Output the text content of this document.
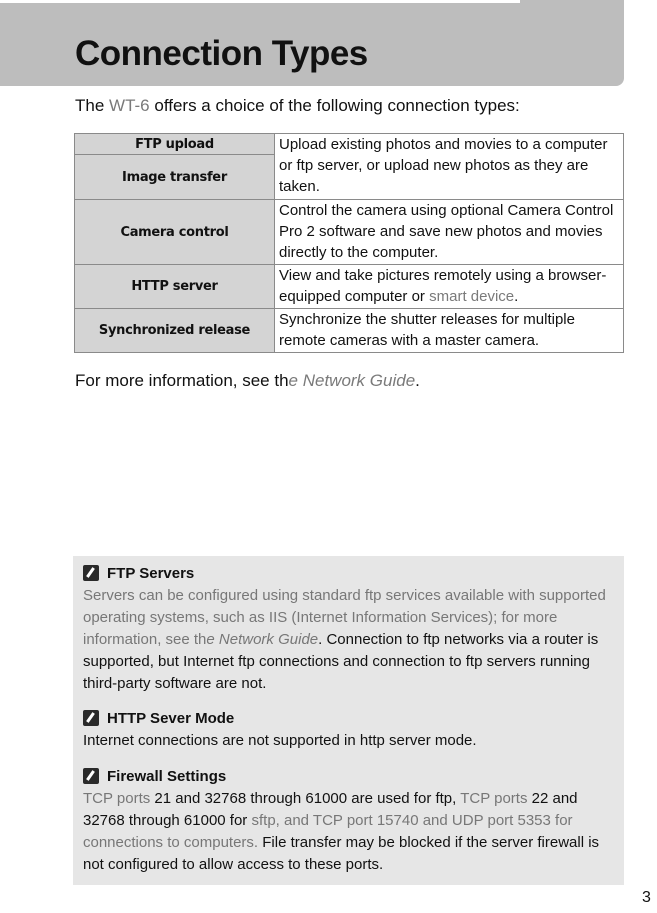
Connection Types

The WT-6 offers a choice of the following connection types:

FTP upload	Upload existing photos and movies to a computer or ftp server, or upload new photos as they are taken.
Image transfer	
Camera control	Control the camera using optional Camera Control Pro 2 software and save new photos and movies directly to the computer.
HTTP server	View and take pictures remotely using a browser-equipped computer or smart device.
Synchronized release	Synchronize the shutter releases for multiple remote cameras with a master camera.

For more information, see the Network Guide.

FTP Servers

Servers can be configured using standard ftp services available with supported operating systems, such as IIS (Internet Information Services); for more information, see the Network Guide. Connection to ftp networks via a router is supported, but Internet ftp connections and connection to ftp servers running third-party software are not.

HTTP Sever Mode

Internet connections are not supported in http server mode.

Firewall Settings

TCP ports 21 and 32768 through 61000 are used for ftp, TCP ports 22 and 32768 through 61000 for sftp, and TCP port 15740 and UDP port 5353 for connections to computers. File transfer may be blocked if the server firewall is not configured to allow access to these ports.

3
